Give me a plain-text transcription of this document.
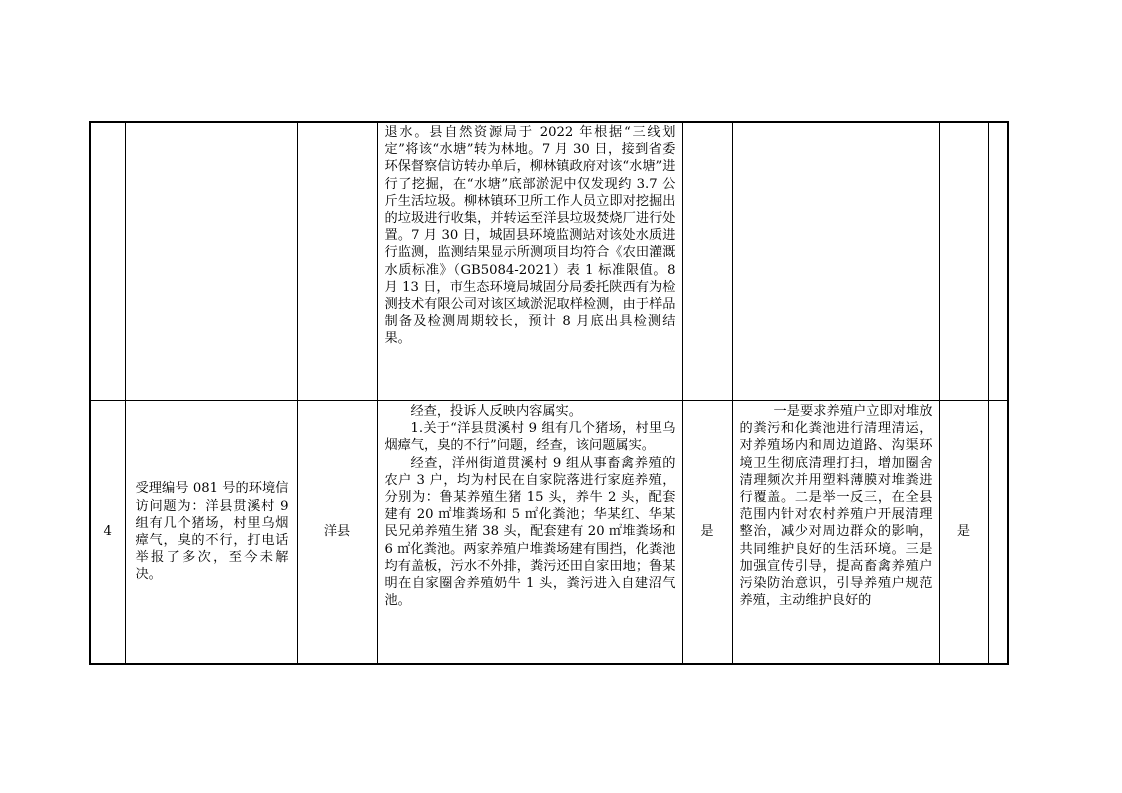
			退水。县自然资源局于 2022 年根据“三线划定”将该“水塘”转为林地。7 月 30 日，接到省委环保督察信访转办单后，柳林镇政府对该“水塘”进行了挖掘，在“水塘”底部淤泥中仅发现约 3.7 公斤生活垃圾。柳林镇环卫所工作人员立即对挖掘出的垃圾进行收集，并转运至洋县垃圾焚烧厂进行处置。7 月 30 日，城固县环境监测站对该处水质进行监测，监测结果显示所测项目均符合《农田灌溉水质标准》（GB5084-2021）表 1 标准限值。8 月 13 日，市生态环境局城固分局委托陕西有为检测技术有限公司对该区域淤泥取样检测，由于样品制备及检测周期较长，预计 8 月底出具检测结果。				

4	受理编号 081 号的环境信访问题为：洋县贯溪村 9 组有几个猪场，村里乌烟瘴气，臭的不行，打电话举报了多次，至今未解决。	洋县	经查，投诉人反映内容属实。

1.关于“洋县贯溪村 9 组有几个猪场，村里乌烟瘴气，臭的不行”问题，经查，该问题属实。

经查，洋州街道贯溪村 9 组从事畜禽养殖的农户 3 户，均为村民在自家院落进行家庭养殖，分别为：鲁某养殖生猪 15 头，养牛 2 头，配套建有 20 ㎡堆粪场和 5 ㎡化粪池；华某红、华某民兄弟养殖生猪 38 头，配套建有 20 ㎡堆粪场和 6 ㎡化粪池。两家养殖户堆粪场建有围挡，化粪池均有盖板，污水不外排，粪污还田自家田地；鲁某明在自家圈舍养殖奶牛 1 头，粪污进入自建沼气池。	是	一是要求养殖户立即对堆放的粪污和化粪池进行清理清运，对养殖场内和周边道路、沟渠环境卫生彻底清理打扫，增加圈舍清理频次并用塑料薄膜对堆粪进行覆盖。二是举一反三，在全县范围内针对农村养殖户开展清理整治，减少对周边群众的影响，共同维护良好的生活环境。三是加强宣传引导，提高畜禽养殖户污染防治意识，引导养殖户规范养殖，主动维护良好的	是	
